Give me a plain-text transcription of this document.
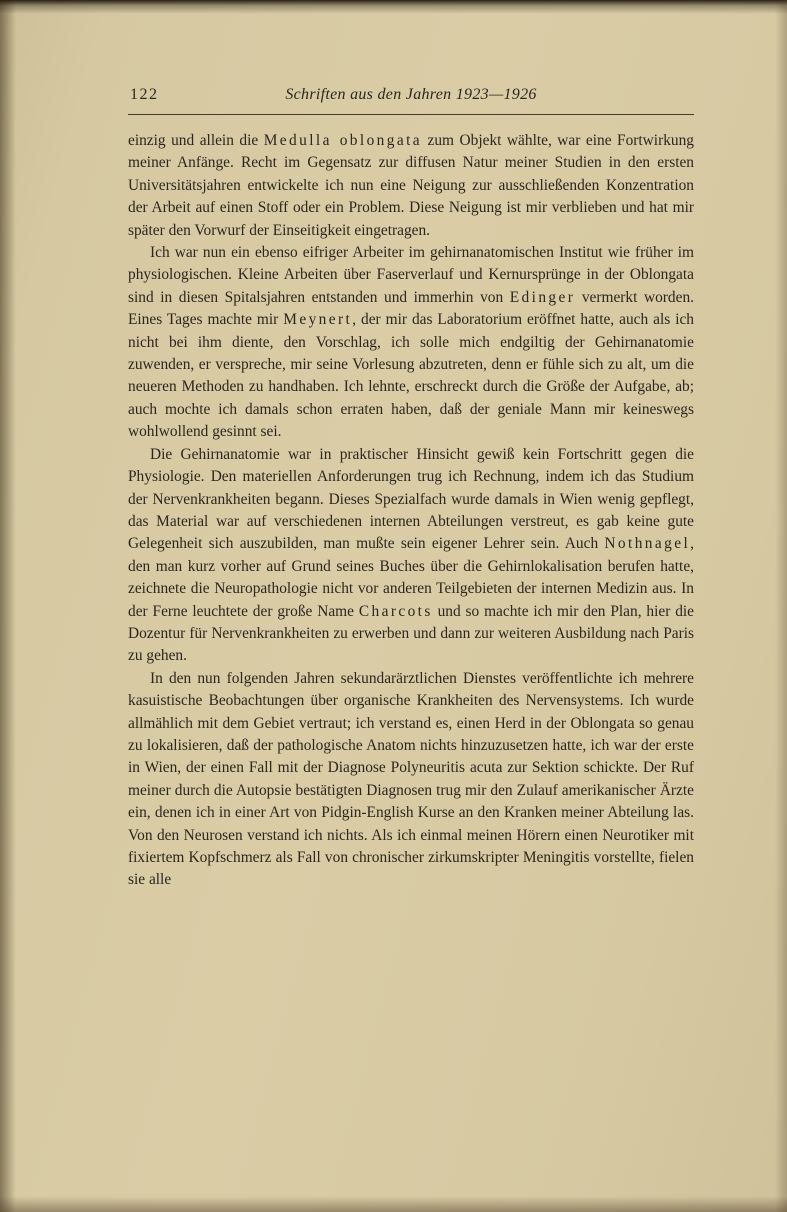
122	Schriften aus den Jahren 1923—1926

einzig und allein die Medulla oblongata zum Objekt wählte, war eine Fortwirkung meiner Anfänge. Recht im Gegensatz zur diffusen Natur meiner Studien in den ersten Universitätsjahren entwickelte ich nun eine Neigung zur ausschließenden Konzentration der Arbeit auf einen Stoff oder ein Problem. Diese Neigung ist mir verblieben und hat mir später den Vorwurf der Einseitigkeit eingetragen.

Ich war nun ein ebenso eifriger Arbeiter im gehirnanatomischen Institut wie früher im physiologischen. Kleine Arbeiten über Faserverlauf und Kernursprünge in der Oblongata sind in diesen Spitalsjahren entstanden und immerhin von Edinger vermerkt worden. Eines Tages machte mir Meynert, der mir das Laboratorium eröffnet hatte, auch als ich nicht bei ihm diente, den Vorschlag, ich solle mich endgiltig der Gehirnanatomie zuwenden, er verspreche, mir seine Vorlesung abzutreten, denn er fühle sich zu alt, um die neueren Methoden zu handhaben. Ich lehnte, erschreckt durch die Größe der Aufgabe, ab; auch mochte ich damals schon erraten haben, daß der geniale Mann mir keineswegs wohlwollend gesinnt sei.

Die Gehirnanatomie war in praktischer Hinsicht gewiß kein Fortschritt gegen die Physiologie. Den materiellen Anforderungen trug ich Rechnung, indem ich das Studium der Nervenkrankheiten begann. Dieses Spezialfach wurde damals in Wien wenig gepflegt, das Material war auf verschiedenen internen Abteilungen verstreut, es gab keine gute Gelegenheit sich auszubilden, man mußte sein eigener Lehrer sein. Auch Nothnagel, den man kurz vorher auf Grund seines Buches über die Gehirnlokalisation berufen hatte, zeichnete die Neuropathologie nicht vor anderen Teilgebieten der internen Medizin aus. In der Ferne leuchtete der große Name Charcots und so machte ich mir den Plan, hier die Dozentur für Nervenkrankheiten zu erwerben und dann zur weiteren Ausbildung nach Paris zu gehen.

In den nun folgenden Jahren sekundarärztlichen Dienstes veröffentlichte ich mehrere kasuistische Beobachtungen über organische Krankheiten des Nervensystems. Ich wurde allmählich mit dem Gebiet vertraut; ich verstand es, einen Herd in der Oblongata so genau zu lokalisieren, daß der pathologische Anatom nichts hinzuzusetzen hatte, ich war der erste in Wien, der einen Fall mit der Diagnose Polyneuritis acuta zur Sektion schickte. Der Ruf meiner durch die Autopsie bestätigten Diagnosen trug mir den Zulauf amerikanischer Ärzte ein, denen ich in einer Art von Pidgin-English Kurse an den Kranken meiner Abteilung las. Von den Neurosen verstand ich nichts. Als ich einmal meinen Hörern einen Neurotiker mit fixiertem Kopfschmerz als Fall von chronischer zirkumskripter Meningitis vorstellte, fielen sie alle
